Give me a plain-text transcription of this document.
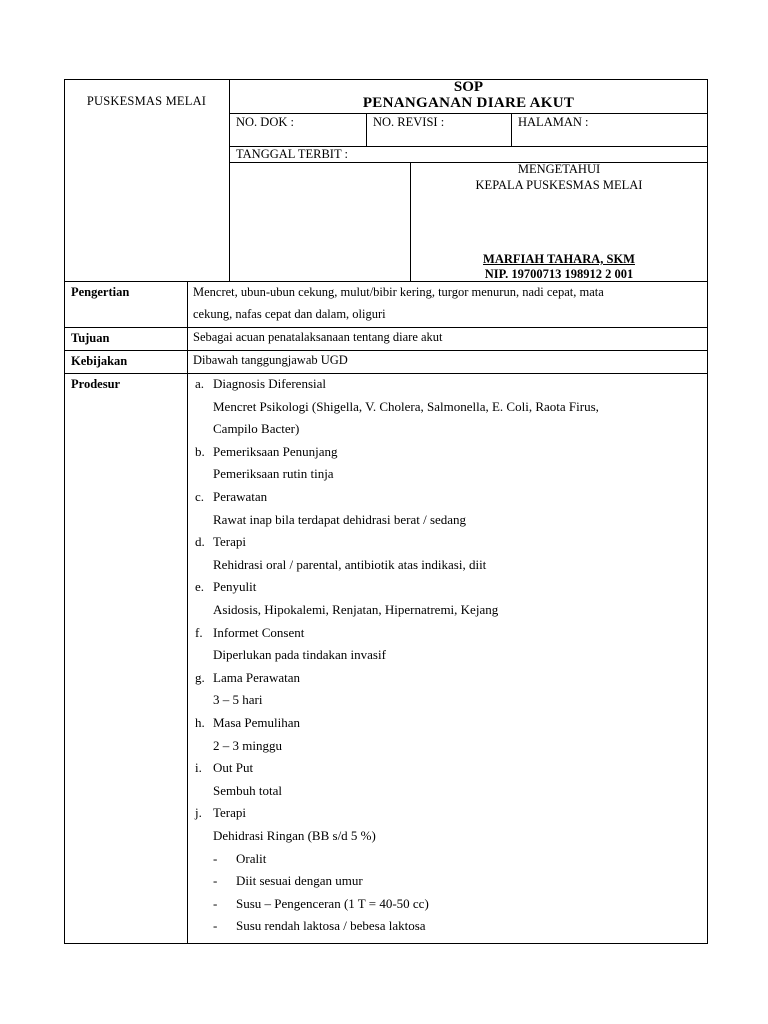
PUSKESMAS MELAI
SOP
PENANGANAN DIARE AKUT
NO. DOK :	NO. REVISI :	HALAMAN :
TANGGAL TERBIT :
MENGETAHUI
KEPALA PUSKESMAS MELAI
MARFIAH TAHARA, SKM
NIP. 19700713 198912 2 001
Pengertian	Mencret, ubun-ubun cekung, mulut/bibir kering, turgor menurun, nadi cepat, mata
cekung, nafas cepat dan dalam, oliguri
Tujuan	Sebagai acuan penatalaksanaan tentang diare akut
Kebijakan	Dibawah tanggungjawab UGD
Prodesur	a. Diagnosis Diferensial
Mencret Psikologi (Shigella, V. Cholera, Salmonella, E. Coli, Raota Firus,
Campilo Bacter)
b. Pemeriksaan Penunjang
Pemeriksaan rutin tinja
c. Perawatan
Rawat inap bila terdapat dehidrasi berat / sedang
d. Terapi
Rehidrasi oral / parental, antibiotik atas indikasi, diit
e. Penyulit
Asidosis, Hipokalemi, Renjatan, Hipernatremi, Kejang
f. Informet Consent
Diperlukan pada tindakan invasif
g. Lama Perawatan
3 – 5 hari
h. Masa Pemulihan
2 – 3 minggu
i. Out Put
Sembuh total
j. Terapi
Dehidrasi Ringan (BB s/d 5 %)
- Oralit
- Diit sesuai dengan umur
- Susu – Pengenceran (1 T = 40-50 cc)
- Susu rendah laktosa / bebesa laktosa
